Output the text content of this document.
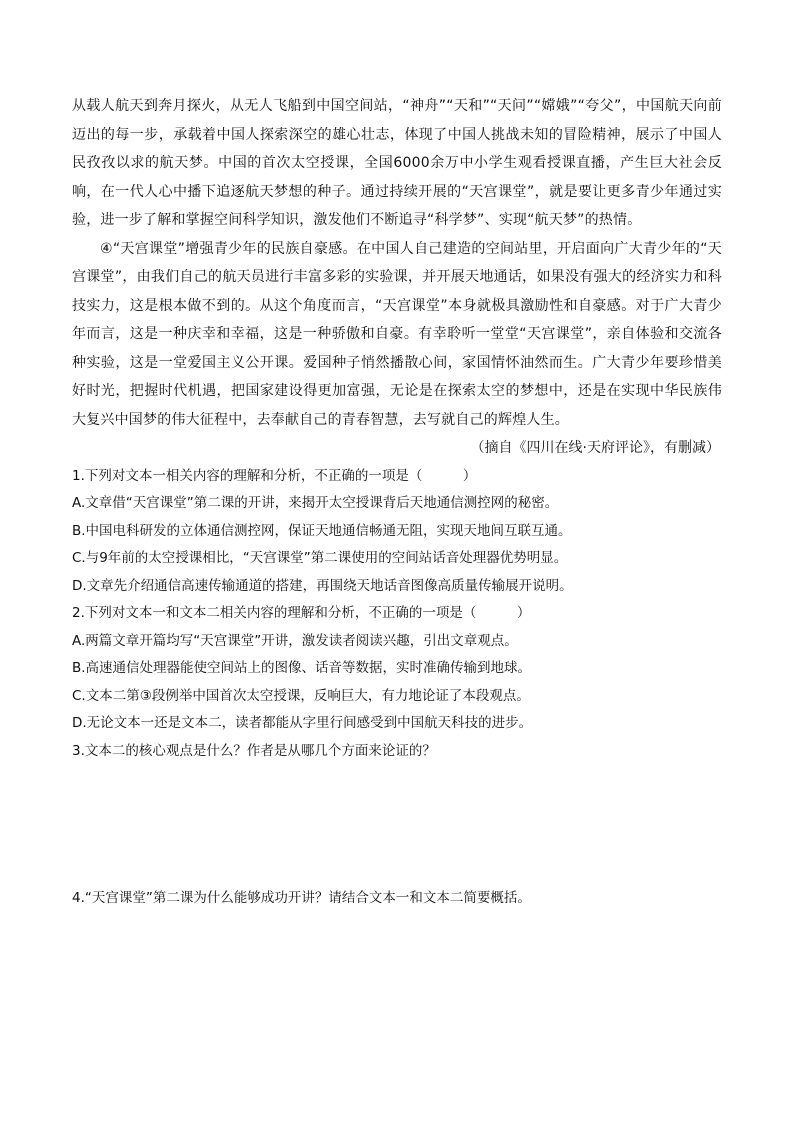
从载人航天到奔月探火，从无人飞船到中国空间站，“神舟”“天和”“天问”“嫦娥”“夸父”，中国航天向前迈出的每一步，承载着中国人探索深空的雄心壮志，体现了中国人挑战未知的冒险精神，展示了中国人民孜孜以求的航天梦。中国的首次太空授课，全国6000余万中小学生观看授课直播，产生巨大社会反响，在一代人心中播下追逐航天梦想的种子。通过持续开展的“天宫课堂”，就是要让更多青少年通过实验，进一步了解和掌握空间科学知识，激发他们不断追寻“科学梦”、实现“航天梦”的热情。

④“天宫课堂”增强青少年的民族自豪感。在中国人自己建造的空间站里，开启面向广大青少年的“天宫课堂”，由我们自己的航天员进行丰富多彩的实验课，并开展天地通话，如果没有强大的经济实力和科技实力，这是根本做不到的。从这个角度而言，“天宫课堂”本身就极具激励性和自豪感。对于广大青少年而言，这是一种庆幸和幸福，这是一种骄傲和自豪。有幸聆听一堂堂“天宫课堂”，亲自体验和交流各种实验，这是一堂爱国主义公开课。爱国种子悄然播散心间，家国情怀油然而生。广大青少年要珍惜美好时光，把握时代机遇，把国家建设得更加富强，无论是在探索太空的梦想中，还是在实现中华民族伟大复兴中国梦的伟大征程中，去奉献自己的青春智慧，去写就自己的辉煌人生。

（摘自《四川在线·天府评论》，有删减）

1.下列对文本一相关内容的理解和分析，不正确的一项是（　　　）

A.文章借“天宫课堂”第二课的开讲，来揭开太空授课背后天地通信测控网的秘密。

B.中国电科研发的立体通信测控网，保证天地通信畅通无阻，实现天地间互联互通。

C.与9年前的太空授课相比，“天宫课堂”第二课使用的空间站话音处理器优势明显。

D.文章先介绍通信高速传输通道的搭建，再围绕天地话音图像高质量传输展开说明。

2.下列对文本一和文本二相关内容的理解和分析，不正确的一项是（　　　）

A.两篇文章开篇均写“天宫课堂”开讲，激发读者阅读兴趣，引出文章观点。

B.高速通信处理器能使空间站上的图像、话音等数据，实时准确传输到地球。

C.文本二第③段例举中国首次太空授课，反响巨大，有力地论证了本段观点。

D.无论文本一还是文本二，读者都能从字里行间感受到中国航天科技的进步。

3.文本二的核心观点是什么？作者是从哪几个方面来论证的？

4.“天宫课堂”第二课为什么能够成功开讲？请结合文本一和文本二简要概括。
